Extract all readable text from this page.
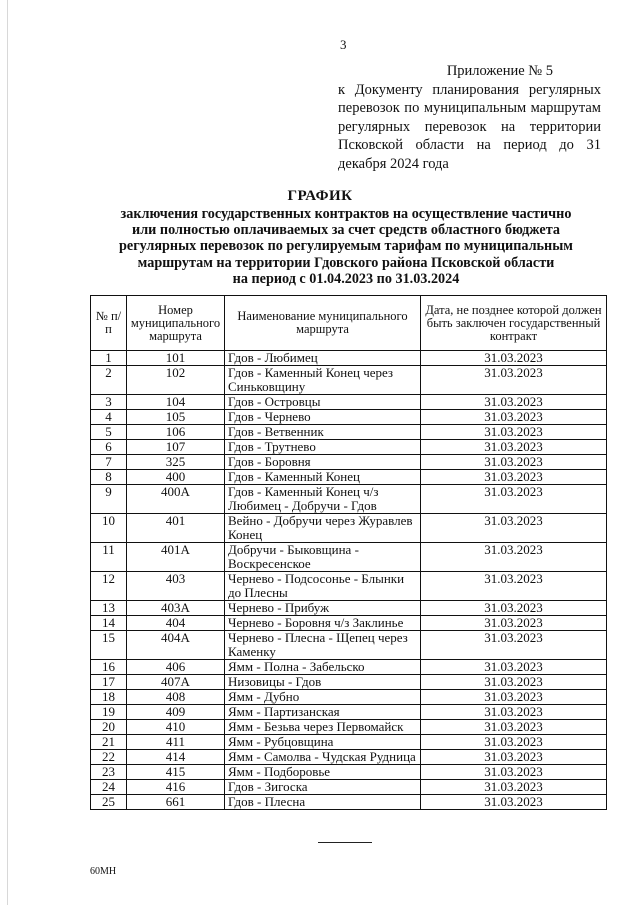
3
Приложение № 5
к Документу планирования регулярных перевозок по муниципальным маршрутам регулярных перевозок на территории Псковской области на период до 31 декабря 2024 года
ГРАФИК
заключения государственных контрактов на осуществление частично
или полностью оплачиваемых за счет средств областного бюджета
регулярных перевозок по регулируемым тарифам по муниципальным
маршрутам на территории Гдовского района Псковской области
на период с 01.04.2023 по 31.03.2024
№ п/п	Номер муниципального маршрута	Наименование муниципального маршрута	Дата, не позднее которой должен быть заключен государственный контракт
1	101	Гдов - Любимец	31.03.2023
2	102	Гдов - Каменный Конец через Синьковщину	31.03.2023
3	104	Гдов - Островцы	31.03.2023
4	105	Гдов - Чернево	31.03.2023
5	106	Гдов - Ветвенник	31.03.2023
6	107	Гдов - Трутнево	31.03.2023
7	325	Гдов - Боровня	31.03.2023
8	400	Гдов - Каменный Конец	31.03.2023
9	400А	Гдов - Каменный Конец ч/з Любимец - Добручи - Гдов	31.03.2023
10	401	Вейно - Добручи через Журавлев Конец	31.03.2023
11	401А	Добручи - Быковщина - Воскресенское	31.03.2023
12	403	Чернево - Подсосонье - Блынки до Плесны	31.03.2023
13	403А	Чернево - Прибуж	31.03.2023
14	404	Чернево - Боровня ч/з Заклинье	31.03.2023
15	404А	Чернево - Плесна - Щепец через Каменку	31.03.2023
16	406	Ямм - Полна - Забельско	31.03.2023
17	407А	Низовицы - Гдов	31.03.2023
18	408	Ямм - Дубно	31.03.2023
19	409	Ямм - Партизанская	31.03.2023
20	410	Ямм - Безьва через Первомайск	31.03.2023
21	411	Ямм - Рубцовщина	31.03.2023
22	414	Ямм - Самолва - Чудская Рудница	31.03.2023
23	415	Ямм - Подборовье	31.03.2023
24	416	Гдов - Зигоска	31.03.2023
25	661	Гдов - Плесна	31.03.2023
60МН
